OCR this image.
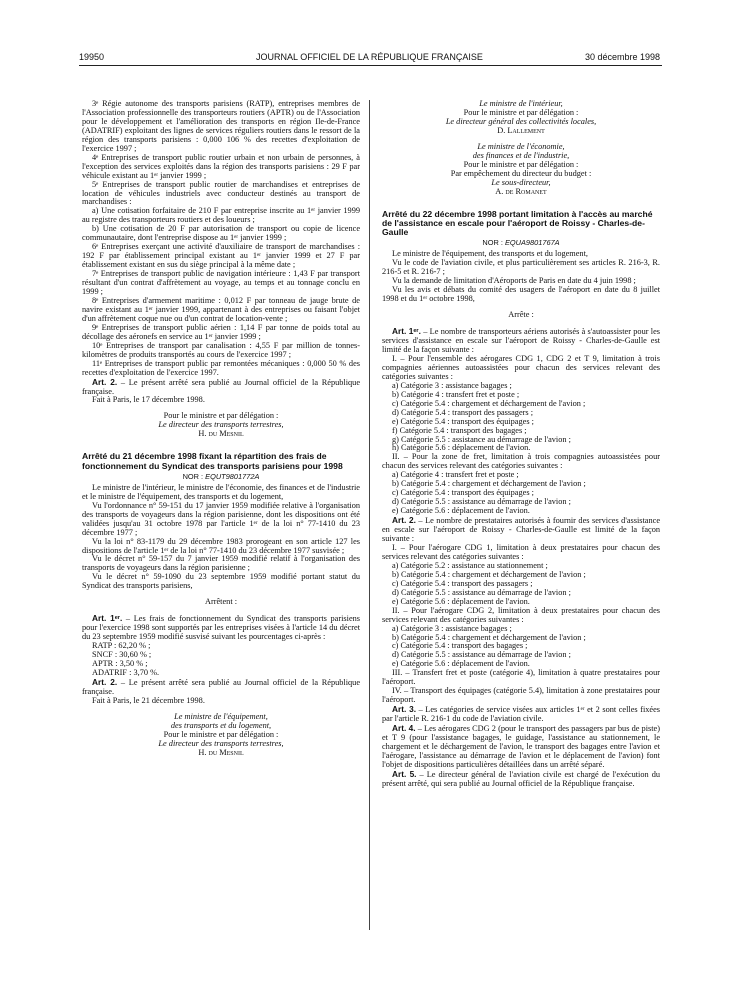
19950	JOURNAL OFFICIEL DE LA RÉPUBLIQUE FRANÇAISE	30 décembre 1998

3ᵉ Régie autonome des transports parisiens (RATP), entreprises membres de l'Association professionnelle des transporteurs routiers (APTR) ou de l'Association pour le développement et l'amélioration des transports en région Ile-de-France (ADATRIF) exploitant des lignes de services réguliers routiers dans le ressort de la région des transports parisiens : 0,000 106 % des recettes d'exploitation de l'exercice 1997 ;

4ᵉ Entreprises de transport public routier urbain et non urbain de personnes, à l'exception des services exploités dans la région des transports parisiens : 29 F par véhicule existant au 1ᵉʳ janvier 1999 ;

5ᵉ Entreprises de transport public routier de marchandises et entreprises de location de véhicules industriels avec conducteur destinés au transport de marchandises :

a) Une cotisation forfaitaire de 210 F par entreprise inscrite au 1ᵉʳ janvier 1999 au registre des transporteurs routiers et des loueurs ;

b) Une cotisation de 20 F par autorisation de transport ou copie de licence communautaire, dont l'entreprise dispose au 1ᵉʳ janvier 1999 ;

6ᵉ Entreprises exerçant une activité d'auxiliaire de transport de marchandises : 192 F par établissement principal existant au 1ᵉʳ janvier 1999 et 27 F par établissement existant en sus du siège principal à la même date ;

7ᵉ Entreprises de transport public de navigation intérieure : 1,43 F par transport résultant d'un contrat d'affrètement au voyage, au temps et au tonnage conclu en 1999 ;

8ᵉ Entreprises d'armement maritime : 0,012 F par tonneau de jauge brute de navire existant au 1ᵉʳ janvier 1999, appartenant à des entreprises ou faisant l'objet d'un affrètement coque nue ou d'un contrat de location-vente ;

9ᵉ Entreprises de transport public aérien : 1,14 F par tonne de poids total au décollage des aéronefs en service au 1ᵉʳ janvier 1999 ;

10ᵉ Entreprises de transport par canalisation : 4,55 F par million de tonnes-kilomètres de produits transportés au cours de l'exercice 1997 ;

11ᵉ Entreprises de transport public par remontées mécaniques : 0,000 50 % des recettes d'exploitation de l'exercice 1997.

Art. 2. – Le présent arrêté sera publié au Journal officiel de la République française.

Fait à Paris, le 17 décembre 1998.

Pour le ministre et par délégation :

Le directeur des transports terrestres,

H. du Mesnil

Arrêté du 21 décembre 1998 fixant la répartition des frais de fonctionnement du Syndicat des transports parisiens pour 1998
NOR : EQUT9801772A

Le ministre de l'intérieur, le ministre de l'économie, des finances et de l'industrie et le ministre de l'équipement, des transports et du logement,

Vu l'ordonnance n° 59-151 du 17 janvier 1959 modifiée relative à l'organisation des transports de voyageurs dans la région parisienne, dont les dispositions ont été validées jusqu'au 31 octobre 1978 par l'article 1ᵉʳ de la loi n° 77-1410 du 23 décembre 1977 ;

Vu la loi n° 83-1179 du 29 décembre 1983 prorogeant en son article 127 les dispositions de l'article 1ᵉʳ de la loi n° 77-1410 du 23 décembre 1977 susvisée ;

Vu le décret n° 59-157 du 7 janvier 1959 modifié relatif à l'organisation des transports de voyageurs dans la région parisienne ;

Vu le décret n° 59-1090 du 23 septembre 1959 modifié portant statut du Syndicat des transports parisiens,

Arrêtent :

Art. 1ᵉʳ. – Les frais de fonctionnement du Syndicat des transports parisiens pour l'exercice 1998 sont supportés par les entreprises visées à l'article 14 du décret du 23 septembre 1959 modifié susvisé suivant les pourcentages ci-après :

RATP : 62,20 % ;

SNCF : 30,60 % ;

APTR : 3,50 % ;

ADATRIF : 3,70 %.

Art. 2. – Le présent arrêté sera publié au Journal officiel de la République française.

Fait à Paris, le 21 décembre 1998.

Le ministre de l'équipement,

des transports et du logement,

Pour le ministre et par délégation :

Le directeur des transports terrestres,

H. du Mesnil

Le ministre de l'intérieur,

Pour le ministre et par délégation :

Le directeur général des collectivités locales,

D. Lallement

Le ministre de l'économie,

des finances et de l'industrie,

Pour le ministre et par délégation :

Par empêchement du directeur du budget :

Le sous-directeur,

A. de Romanet

Arrêté du 22 décembre 1998 portant limitation à l'accès au marché de l'assistance en escale pour l'aéroport de Roissy - Charles-de-Gaulle
NOR : EQUA9801767A

Le ministre de l'équipement, des transports et du logement,

Vu le code de l'aviation civile, et plus particulièrement ses articles R. 216-3, R. 216-5 et R. 216-7 ;

Vu la demande de limitation d'Aéroports de Paris en date du 4 juin 1998 ;

Vu les avis et débats du comité des usagers de l'aéroport en date du 8 juillet 1998 et du 1ᵉʳ octobre 1998,

Arrête :

Art. 1ᵉʳ. – Le nombre de transporteurs aériens autorisés à s'autoassister pour les services d'assistance en escale sur l'aéroport de Roissy - Charles-de-Gaulle est limité de la façon suivante :

I. – Pour l'ensemble des aérogares CDG 1, CDG 2 et T 9, limitation à trois compagnies aériennes autoassistées pour chacun des services relevant des catégories suivantes :

a) Catégorie 3 : assistance bagages ;

b) Catégorie 4 : transfert fret et poste ;

c) Catégorie 5.4 : chargement et déchargement de l'avion ;

d) Catégorie 5.4 : transport des passagers ;

e) Catégorie 5.4 : transport des équipages ;

f) Catégorie 5.4 : transport des bagages ;

g) Catégorie 5.5 : assistance au démarrage de l'avion ;

h) Catégorie 5.6 : déplacement de l'avion.

II. – Pour la zone de fret, limitation à trois compagnies autoassistées pour chacun des services relevant des catégories suivantes :

a) Catégorie 4 : transfert fret et poste ;

b) Catégorie 5.4 : chargement et déchargement de l'avion ;

c) Catégorie 5.4 : transport des équipages ;

d) Catégorie 5.5 : assistance au démarrage de l'avion ;

e) Catégorie 5.6 : déplacement de l'avion.

Art. 2. – Le nombre de prestataires autorisés à fournir des services d'assistance en escale sur l'aéroport de Roissy - Charles-de-Gaulle est limité de la façon suivante :

I. – Pour l'aérogare CDG 1, limitation à deux prestataires pour chacun des services relevant des catégories suivantes :

a) Catégorie 5.2 : assistance au stationnement ;

b) Catégorie 5.4 : chargement et déchargement de l'avion ;

c) Catégorie 5.4 : transport des passagers ;

d) Catégorie 5.5 : assistance au démarrage de l'avion ;

e) Catégorie 5.6 : déplacement de l'avion.

II. – Pour l'aérogare CDG 2, limitation à deux prestataires pour chacun des services relevant des catégories suivantes :

a) Catégorie 3 : assistance bagages ;

b) Catégorie 5.4 : chargement et déchargement de l'avion ;

c) Catégorie 5.4 : transport des bagages ;

d) Catégorie 5.5 : assistance au démarrage de l'avion ;

e) Catégorie 5.6 : déplacement de l'avion.

III. – Transfert fret et poste (catégorie 4), limitation à quatre prestataires pour l'aéroport.

IV. – Transport des équipages (catégorie 5.4), limitation à zone prestataires pour l'aéroport.

Art. 3. – Les catégories de service visées aux articles 1ᵉʳ et 2 sont celles fixées par l'article R. 216-1 du code de l'aviation civile.

Art. 4. – Les aérogares CDG 2 (pour le transport des passagers par bus de piste) et T 9 (pour l'assistance bagages, le guidage, l'assistance au stationnement, le chargement et le déchargement de l'avion, le transport des bagages entre l'avion et l'aérogare, l'assistance au démarrage de l'avion et le déplacement de l'avion) font l'objet de dispositions particulières détaillées dans un arrêté séparé.

Art. 5. – Le directeur général de l'aviation civile est chargé de l'exécution du présent arrêté, qui sera publié au Journal officiel de la République française.
